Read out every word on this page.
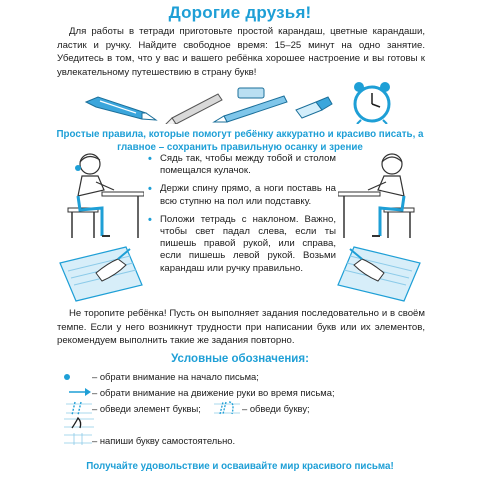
Дорогие друзья!
Для работы в тетради приготовьте простой карандаш, цветные карандаши, ластик и ручку. Найдите свободное время: 15–25 минут на одно занятие. Убедитесь в том, что у вас и вашего ребёнка хорошее настроение и вы готовы к увлекательному путешествию в страну букв!
Простые правила, которые помогут ребёнку аккуратно и красиво писать, а главное – сохранить правильную осанку и зрение
• Сядь так, чтобы между тобой и столом помещался кулачок.
• Держи спину прямо, а ноги поставь на всю ступню на пол или подставку.
• Положи тетрадь с наклоном. Важно, чтобы свет падал слева, если ты пишешь правой рукой, или справа, если пишешь левой рукой. Возьми карандаш или ручку правильно.
Не торопите ребёнка! Пусть он выполняет задания последовательно и в своём темпе. Если у него возникнут трудности при написании букв или их элементов, рекомендуем выполнить такие же задания повторно.
Условные обозначения:
– обрати внимание на начало письма;
– обрати внимание на движение руки во время письма;
– обведи элемент буквы;	– обведи букву;
– напиши букву самостоятельно.
Получайте удовольствие и осваивайте мир красивого письма!
